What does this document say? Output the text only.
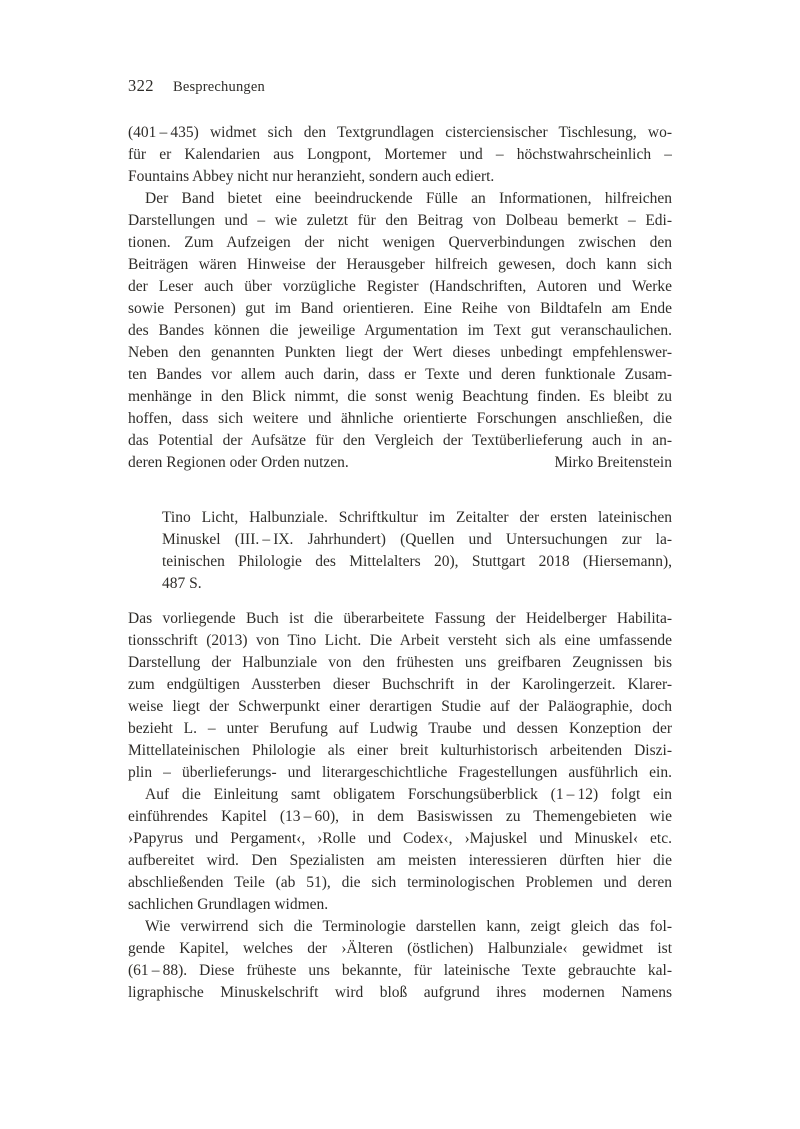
322 Besprechungen
(401 – 435) widmet sich den Textgrundlagen cisterciensischer Tischlesung, wo-
für er Kalendarien aus Longpont, Mortemer und – höchstwahrscheinlich –
Fountains Abbey nicht nur heranzieht, sondern auch ediert.
Der Band bietet eine beeindruckende Fülle an Informationen, hilfreichen
Darstellungen und – wie zuletzt für den Beitrag von Dolbeau bemerkt – Edi-
tionen. Zum Aufzeigen der nicht wenigen Querverbindungen zwischen den
Beiträgen wären Hinweise der Herausgeber hilfreich gewesen, doch kann sich
der Leser auch über vorzügliche Register (Handschriften, Autoren und Werke
sowie Personen) gut im Band orientieren. Eine Reihe von Bildtafeln am Ende
des Bandes können die jeweilige Argumentation im Text gut veranschaulichen.
Neben den genannten Punkten liegt der Wert dieses unbedingt empfehlenswer-
ten Bandes vor allem auch darin, dass er Texte und deren funktionale Zusam-
menhänge in den Blick nimmt, die sonst wenig Beachtung finden. Es bleibt zu
hoffen, dass sich weitere und ähnliche orientierte Forschungen anschließen, die
das Potential der Aufsätze für den Vergleich der Textüberlieferung auch in an-
deren Regionen oder Orden nutzen.	Mirko Breitenstein
Tino Licht, Halbunziale. Schriftkultur im Zeitalter der ersten lateinischen
Minuskel (III. – IX. Jahrhundert) (Quellen und Untersuchungen zur la-
teinischen Philologie des Mittelalters 20), Stuttgart 2018 (Hiersemann),
487 S.
Das vorliegende Buch ist die überarbeitete Fassung der Heidelberger Habilita-
tionsschrift (2013) von Tino Licht. Die Arbeit versteht sich als eine umfassende
Darstellung der Halbunziale von den frühesten uns greifbaren Zeugnissen bis
zum endgültigen Aussterben dieser Buchschrift in der Karolingerzeit. Klarer-
weise liegt der Schwerpunkt einer derartigen Studie auf der Paläographie, doch
bezieht L. – unter Berufung auf Ludwig Traube und dessen Konzeption der
Mittellateinischen Philologie als einer breit kulturhistorisch arbeitenden Diszi-
plin – überlieferungs- und literargeschichtliche Fragestellungen ausführlich ein.
Auf die Einleitung samt obligatem Forschungsüberblick (1 – 12) folgt ein
einführendes Kapitel (13 – 60), in dem Basiswissen zu Themengebieten wie
›Papyrus und Pergament‹, ›Rolle und Codex‹, ›Majuskel und Minuskel‹ etc.
aufbereitet wird. Den Spezialisten am meisten interessieren dürften hier die
abschließenden Teile (ab 51), die sich terminologischen Problemen und deren
sachlichen Grundlagen widmen.
Wie verwirrend sich die Terminologie darstellen kann, zeigt gleich das fol-
gende Kapitel, welches der ›Älteren (östlichen) Halbunziale‹ gewidmet ist
(61 – 88). Diese früheste uns bekannte, für lateinische Texte gebrauchte kal-
ligraphische Minuskelschrift wird bloß aufgrund ihres modernen Namens
